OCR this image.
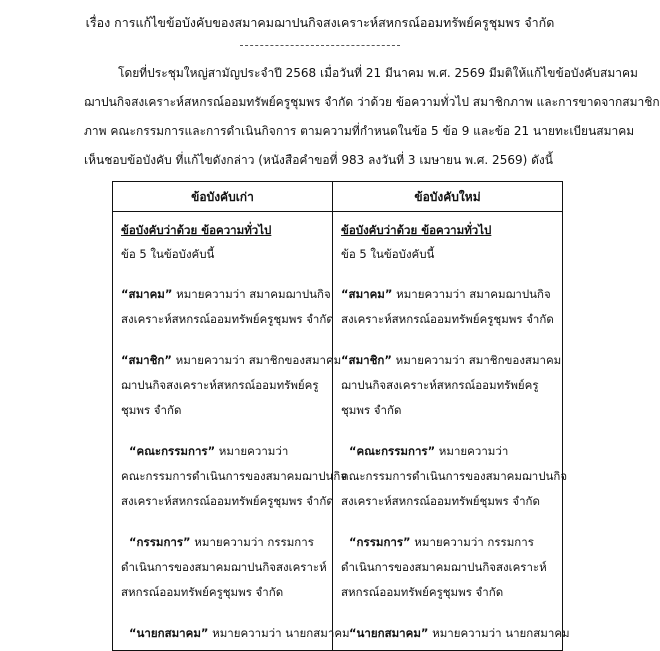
เรื่อง การแก้ไขข้อบังคับของสมาคมฌาปนกิจสงเคราะห์สหกรณ์ออมทรัพย์ครูชุมพร จำกัด
โดยที่ประชุมใหญ่สามัญประจำปี 2568 เมื่อวันที่ 21 มีนาคม พ.ศ. 2569 มีมติให้แก้ไขข้อบังคับสมาคม
ฌาปนกิจสงเคราะห์สหกรณ์ออมทรัพย์ครูชุมพร จำกัด ว่าด้วย ข้อความทั่วไป สมาชิกภาพ และการขาดจากสมาชิก
ภาพ คณะกรรมการและการดำเนินกิจการ ตามความที่กำหนดในข้อ 5 ข้อ 9 และข้อ 21 นายทะเบียนสมาคม
เห็นชอบข้อบังคับ ที่แก้ไขดังกล่าว (หนังสือคำขอที่ 983 ลงวันที่ 3 เมษายน พ.ศ. 2569) ดังนี้
ข้อบังคับเก่า	ข้อบังคับใหม่
ข้อบังคับว่าด้วย ข้อความทั่วไป
ข้อ 5 ในข้อบังคับนี้
“สมาคม” หมายความว่า สมาคมฌาปนกิจ
สงเคราะห์สหกรณ์ออมทรัพย์ครูชุมพร จำกัด
“สมาชิก” หมายความว่า สมาชิกของสมาคม
ฌาปนกิจสงเคราะห์สหกรณ์ออมทรัพย์ครู
ชุมพร จำกัด
“คณะกรรมการ” หมายความว่า
คณะกรรมการดำเนินการของสมาคมฌาปนกิจ
สงเคราะห์สหกรณ์ออมทรัพย์ครูชุมพร จำกัด
“กรรมการ” หมายความว่า กรรมการ
ดำเนินการของสมาคมฌาปนกิจสงเคราะห์
สหกรณ์ออมทรัพย์ครูชุมพร จำกัด
“นายกสมาคม” หมายความว่า นายกสมาคม
ข้อบังคับว่าด้วย ข้อความทั่วไป
ข้อ 5 ในข้อบังคับนี้
“สมาคม” หมายความว่า สมาคมฌาปนกิจ
สงเคราะห์สหกรณ์ออมทรัพย์ครูชุมพร จำกัด
“สมาชิก” หมายความว่า สมาชิกของสมาคม
ฌาปนกิจสงเคราะห์สหกรณ์ออมทรัพย์ครู
ชุมพร จำกัด
“คณะกรรมการ” หมายความว่า
คณะกรรมการดำเนินการของสมาคมฌาปนกิจ
สงเคราะห์สหกรณ์ออมทรัพย์ชุมพร จำกัด
“กรรมการ” หมายความว่า กรรมการ
ดำเนินการของสมาคมฌาปนกิจสงเคราะห์
สหกรณ์ออมทรัพย์ครูชุมพร จำกัด
“นายกสมาคม” หมายความว่า นายกสมาคม
